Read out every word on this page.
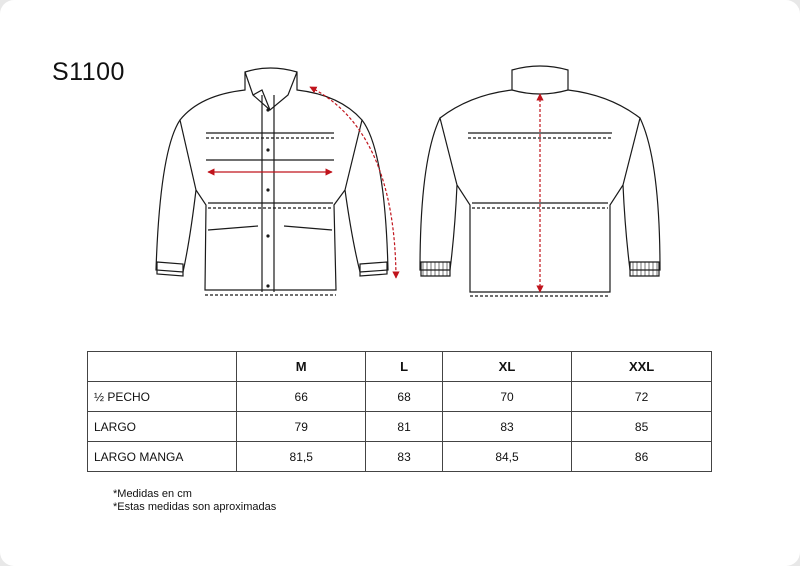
S1100
	M	L	XL	XXL
½ PECHO	66	68	70	72
LARGO	79	81	83	85
LARGO MANGA	81,5	83	84,5	86
*Medidas en cm
*Estas medidas son aproximadas
